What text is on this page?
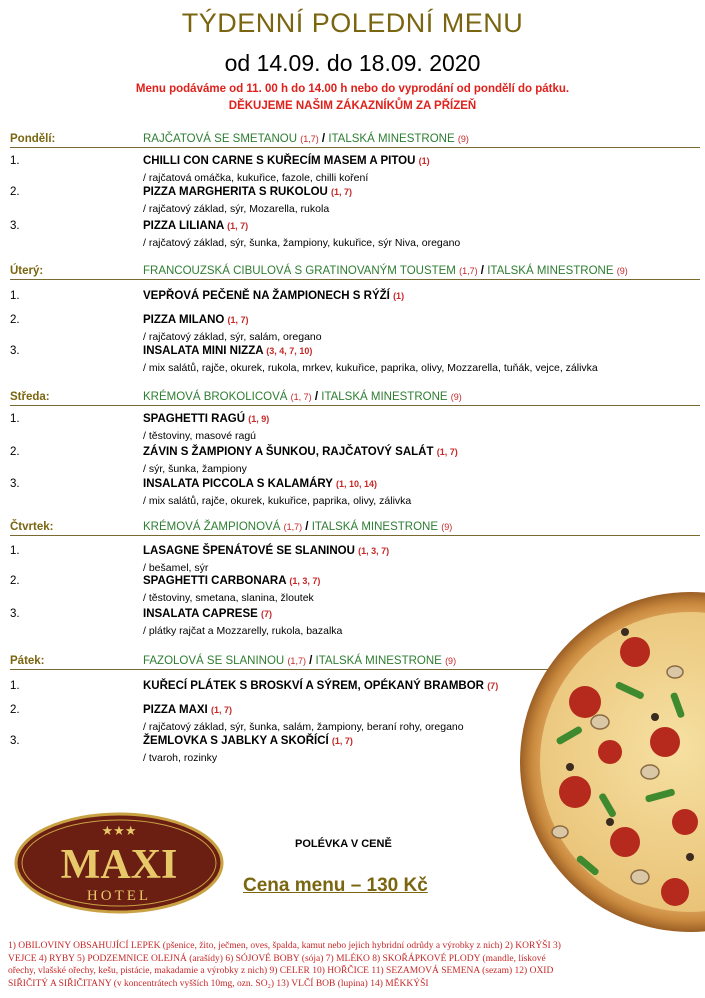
TÝDENNÍ POLEDNÍ MENU
od 14.09. do 18.09. 2020
Menu podáváme od 11. 00 h do 14.00 h nebo do vyprodání od pondělí do pátku.
DĚKUJEME NAŠIM ZÁKAZNÍKŮM ZA PŘÍZEŇ
Pondělí:	RAJČATOVÁ SE SMETANOU (1,7) / ITALSKÁ MINESTRONE (9)
1.	CHILLI CON CARNE S KUŘECÍM MASEM A PITOU (1)
/ rajčatová omáčka, kukuřice, fazole, chilli koření
2.	PIZZA MARGHERITA S RUKOLOU (1, 7)
/ rajčatový základ, sýr, Mozarella, rukola
3.	PIZZA LILIANA (1, 7)
/ rajčatový základ, sýr, šunka, žampiony, kukuřice, sýr Niva, oregano
Úterý:	FRANCOUZSKÁ CIBULOVÁ S GRATINOVANÝM TOUSTEM (1,7) / ITALSKÁ MINESTRONE (9)
1.	VEPŘOVÁ PEČENĚ NA ŽAMPIONECH S RÝŽÍ (1)
2.	PIZZA MILANO (1, 7)
/ rajčatový základ, sýr, salám, oregano
3.	INSALATA MINI NIZZA (3, 4, 7, 10)
/ mix salátů, rajče, okurek, rukola, mrkev, kukuřice, paprika, olivy, Mozzarella, tuňák, vejce, zálivka
Středa:	KRÉMOVÁ BROKOLICOVÁ (1, 7) / ITALSKÁ MINESTRONE (9)
1.	SPAGHETTI RAGÚ (1, 9)
/ těstoviny, masové ragú
2.	ZÁVIN S ŽAMPIONY A ŠUNKOU, RAJČATOVÝ SALÁT (1, 7)
/ sýr, šunka, žampiony
3.	INSALATA PICCOLA S KALAMÁRY (1, 10, 14)
/ mix salátů, rajče, okurek, kukuřice, paprika, olivy, zálivka
Čtvrtek:	KRÉMOVÁ ŽAMPIONOVÁ (1,7) / ITALSKÁ MINESTRONE (9)
1.	LASAGNE ŠPENÁTOVÉ SE SLANINOU (1, 3, 7)
/ bešamel, sýr
2.	SPAGHETTI CARBONARA (1, 3, 7)
/ těstoviny, smetana, slanina, žloutek
3.	INSALATA CAPRESE (7)
/ plátky rajčat a Mozzarelly, rukola, bazalka
Pátek:	FAZOLOVÁ SE SLANINOU (1,7) / ITALSKÁ MINESTRONE (9)
1.	KUŘECÍ PLÁTEK S BROSKVÍ A SÝREM, OPÉKANÝ BRAMBOR (7)
2.	PIZZA MAXI (1, 7)
/ rajčatový základ, sýr, šunka, salám, žampiony, beraní rohy, oregano
3.	ŽEMLOVKA S JABLKY A SKOŘÍCÍ (1, 7)
/ tvaroh, rozinky
★★★
MAXI
HOTEL
POLÉVKA V CENĚ
Cena menu – 130 Kč
1) OBILOVINY OBSAHUJÍCÍ LEPEK (pšenice, žito, ječmen, oves, špalda, kamut nebo jejich hybridní odrůdy a výrobky z nich) 2) KORÝŠI 3)
VEJCE 4) RYBY 5) PODZEMNICE OLEJNÁ (arašídy) 6) SÓJOVÉ BOBY (sója) 7) MLÉKO 8) SKOŘÁPKOVÉ PLODY (mandle, lískové
ořechy, vlašské ořechy, kešu, pistácie, makadamie a výrobky z nich) 9) CELER 10) HOŘČICE 11) SEZAMOVÁ SEMENA (sezam) 12) OXID
SIŘIČITÝ A SIŘIČITANY (v koncentrátech vyšších 10mg, ozn. SO₂) 13) VLČÍ BOB (lupina) 14) MĚKKÝŠI
